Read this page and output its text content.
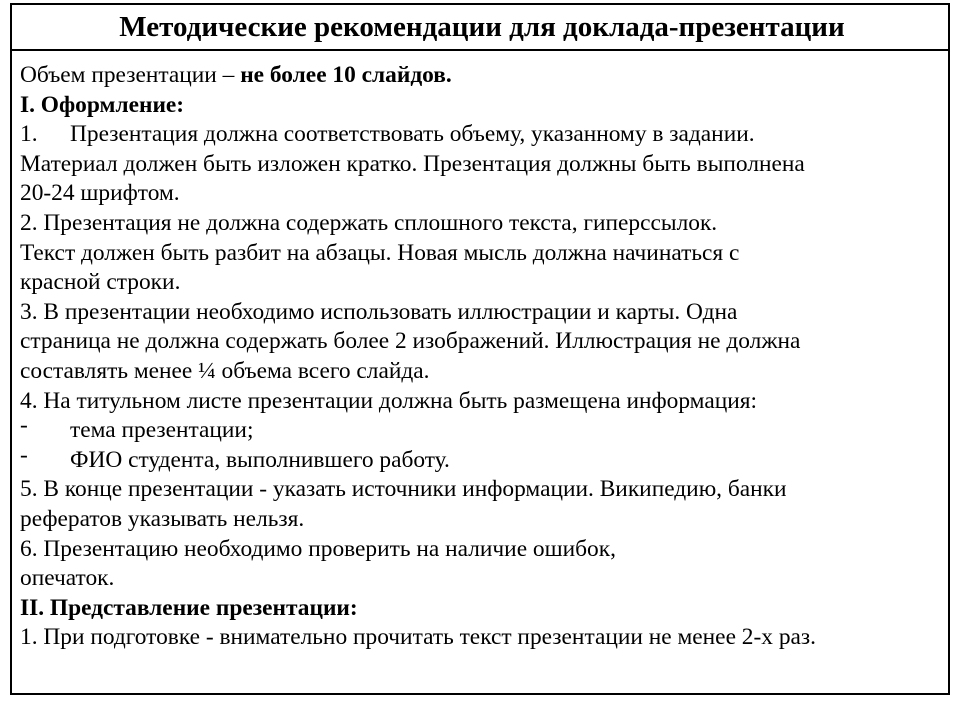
Методические рекомендации для доклада-презентации
Объем презентации – не более 10 слайдов.
I. Оформление:
1. Презентация должна соответствовать объему, указанному в задании.
Материал должен быть изложен кратко. Презентация должны быть выполнена
20-24 шрифтом.
2. Презентация не должна содержать сплошного текста, гиперссылок.
Текст должен быть разбит на абзацы. Новая мысль должна начинаться с
красной строки.
3. В презентации необходимо использовать иллюстрации и карты. Одна
страница не должна содержать более 2 изображений. Иллюстрация не должна
составлять менее ¼ объема всего слайда.
4. На титульном листе презентации должна быть размещена информация:
- тема презентации;
- ФИО студента, выполнившего работу.
5. В конце презентации - указать источники информации. Википедию, банки
рефератов указывать нельзя.
6. Презентацию необходимо проверить на наличие ошибок,
опечаток.
II. Представление презентации:
1. При подготовке - внимательно прочитать текст презентации не менее 2-х раз.
